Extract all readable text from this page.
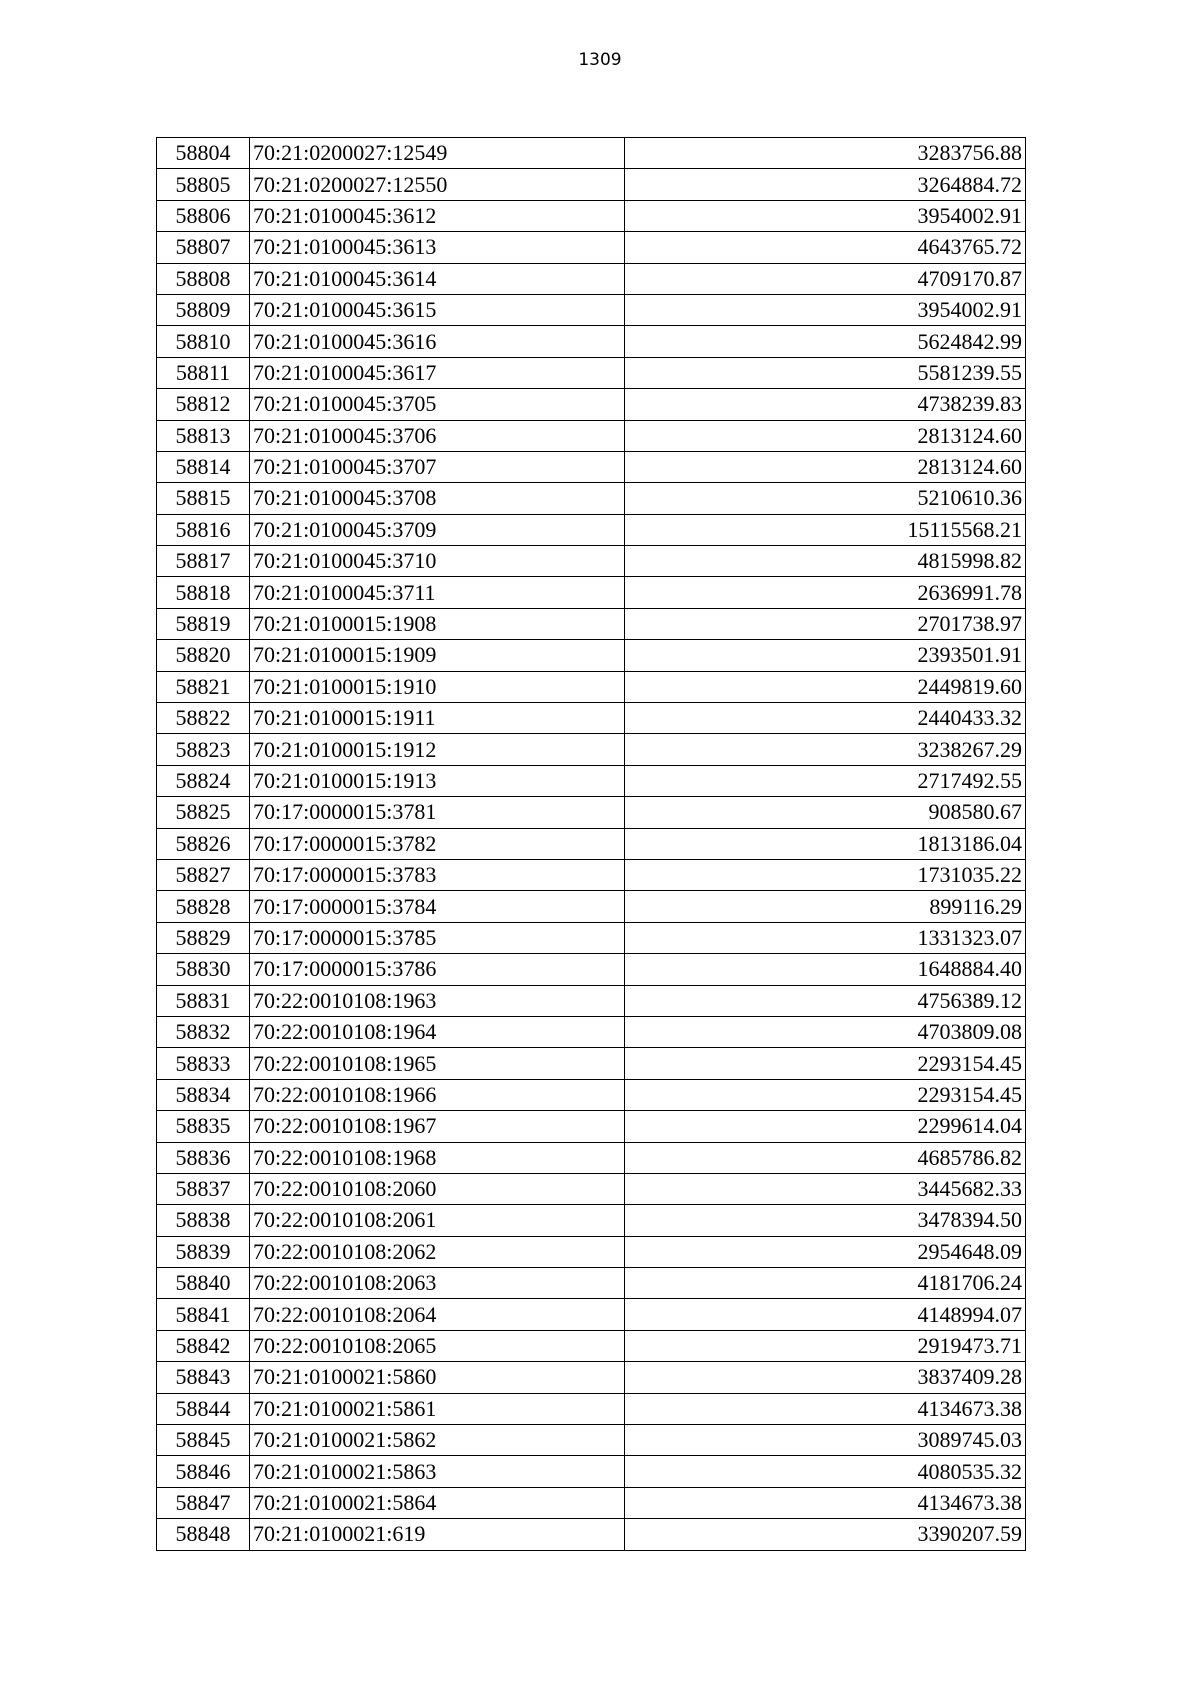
1309
58804	70:21:0200027:12549	3283756.88
58805	70:21:0200027:12550	3264884.72
58806	70:21:0100045:3612	3954002.91
58807	70:21:0100045:3613	4643765.72
58808	70:21:0100045:3614	4709170.87
58809	70:21:0100045:3615	3954002.91
58810	70:21:0100045:3616	5624842.99
58811	70:21:0100045:3617	5581239.55
58812	70:21:0100045:3705	4738239.83
58813	70:21:0100045:3706	2813124.60
58814	70:21:0100045:3707	2813124.60
58815	70:21:0100045:3708	5210610.36
58816	70:21:0100045:3709	15115568.21
58817	70:21:0100045:3710	4815998.82
58818	70:21:0100045:3711	2636991.78
58819	70:21:0100015:1908	2701738.97
58820	70:21:0100015:1909	2393501.91
58821	70:21:0100015:1910	2449819.60
58822	70:21:0100015:1911	2440433.32
58823	70:21:0100015:1912	3238267.29
58824	70:21:0100015:1913	2717492.55
58825	70:17:0000015:3781	908580.67
58826	70:17:0000015:3782	1813186.04
58827	70:17:0000015:3783	1731035.22
58828	70:17:0000015:3784	899116.29
58829	70:17:0000015:3785	1331323.07
58830	70:17:0000015:3786	1648884.40
58831	70:22:0010108:1963	4756389.12
58832	70:22:0010108:1964	4703809.08
58833	70:22:0010108:1965	2293154.45
58834	70:22:0010108:1966	2293154.45
58835	70:22:0010108:1967	2299614.04
58836	70:22:0010108:1968	4685786.82
58837	70:22:0010108:2060	3445682.33
58838	70:22:0010108:2061	3478394.50
58839	70:22:0010108:2062	2954648.09
58840	70:22:0010108:2063	4181706.24
58841	70:22:0010108:2064	4148994.07
58842	70:22:0010108:2065	2919473.71
58843	70:21:0100021:5860	3837409.28
58844	70:21:0100021:5861	4134673.38
58845	70:21:0100021:5862	3089745.03
58846	70:21:0100021:5863	4080535.32
58847	70:21:0100021:5864	4134673.38
58848	70:21:0100021:619	3390207.59
